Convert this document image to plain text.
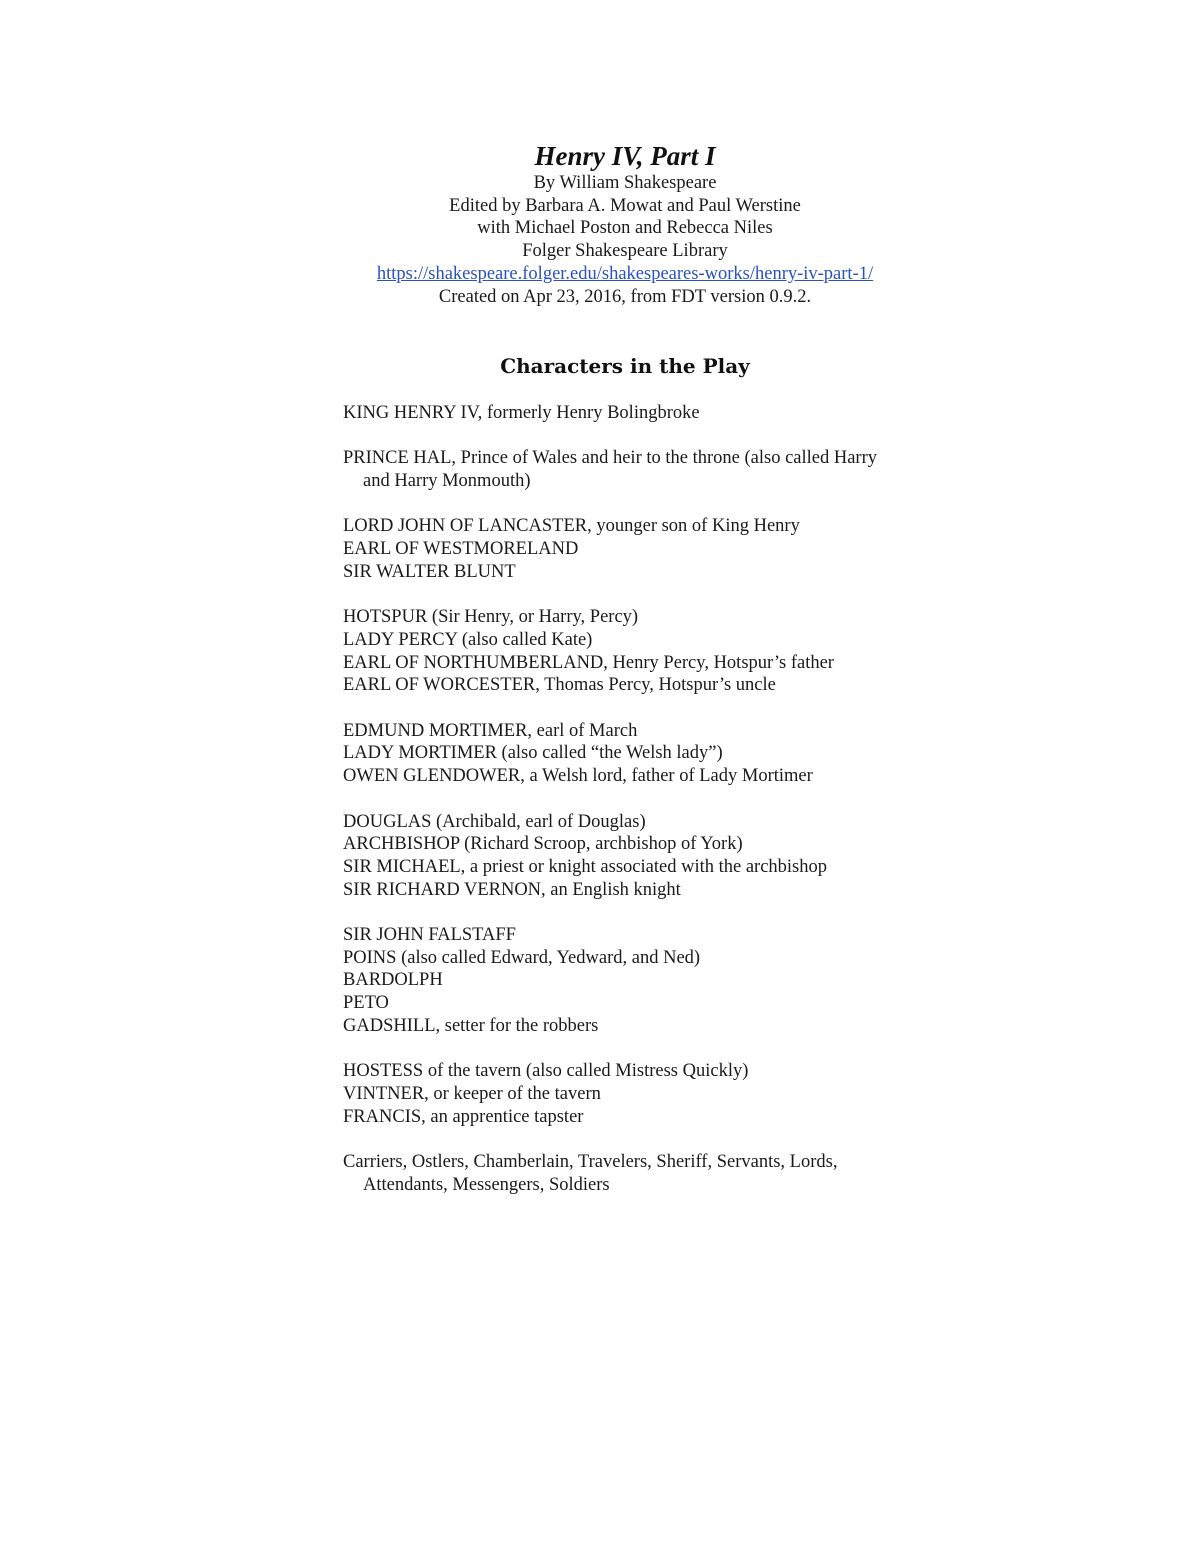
Henry IV, Part I
By William Shakespeare
Edited by Barbara A. Mowat and Paul Werstine
with Michael Poston and Rebecca Niles
Folger Shakespeare Library
https://shakespeare.folger.edu/shakespeares-works/henry-iv-part-1/
Created on Apr 23, 2016, from FDT version 0.9.2.
Characters in the Play
KING HENRY IV, formerly Henry Bolingbroke
PRINCE HAL, Prince of Wales and heir to the throne (also called Harry and Harry Monmouth)
LORD JOHN OF LANCASTER, younger son of King Henry
EARL OF WESTMORELAND
SIR WALTER BLUNT
HOTSPUR (Sir Henry, or Harry, Percy)
LADY PERCY (also called Kate)
EARL OF NORTHUMBERLAND, Henry Percy, Hotspur’s father
EARL OF WORCESTER, Thomas Percy, Hotspur’s uncle
EDMUND MORTIMER, earl of March
LADY MORTIMER (also called “the Welsh lady”)
OWEN GLENDOWER, a Welsh lord, father of Lady Mortimer
DOUGLAS (Archibald, earl of Douglas)
ARCHBISHOP (Richard Scroop, archbishop of York)
SIR MICHAEL, a priest or knight associated with the archbishop
SIR RICHARD VERNON, an English knight
SIR JOHN FALSTAFF
POINS (also called Edward, Yedward, and Ned)
BARDOLPH
PETO
GADSHILL, setter for the robbers
HOSTESS of the tavern (also called Mistress Quickly)
VINTNER, or keeper of the tavern
FRANCIS, an apprentice tapster
Carriers, Ostlers, Chamberlain, Travelers, Sheriff, Servants, Lords, Attendants, Messengers, Soldiers
